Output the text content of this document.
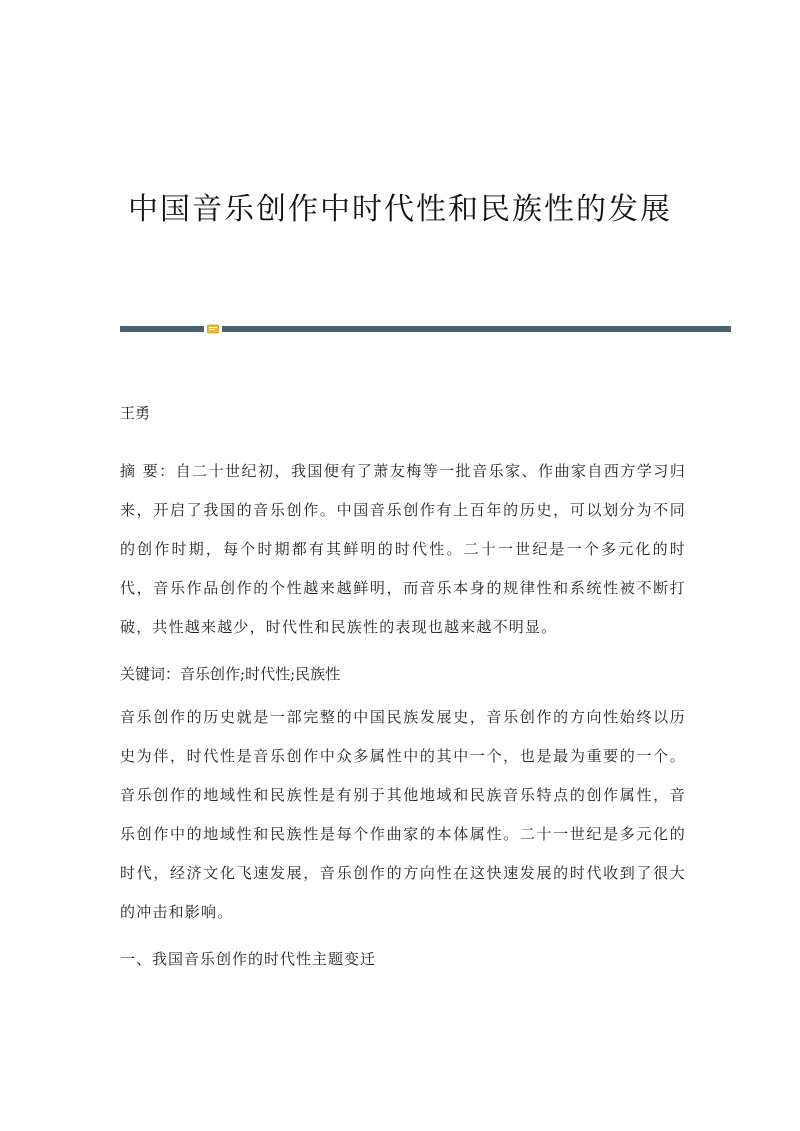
中国音乐创作中时代性和民族性的发展

王勇

摘 要：自二十世纪初，我国便有了萧友梅等一批音乐家、作曲家自西方学习归来，开启了我国的音乐创作。中国音乐创作有上百年的历史，可以划分为不同的创作时期，每个时期都有其鲜明的时代性。二十一世纪是一个多元化的时代，音乐作品创作的个性越来越鲜明，而音乐本身的规律性和系统性被不断打破，共性越来越少，时代性和民族性的表现也越来越不明显。

关键词：音乐创作;时代性;民族性

音乐创作的历史就是一部完整的中国民族发展史，音乐创作的方向性始终以历史为伴，时代性是音乐创作中众多属性中的其中一个，也是最为重要的一个。音乐创作的地域性和民族性是有别于其他地域和民族音乐特点的创作属性，音乐创作中的地域性和民族性是每个作曲家的本体属性。二十一世纪是多元化的时代，经济文化飞速发展，音乐创作的方向性在这快速发展的时代收到了很大的冲击和影响。

一、我国音乐创作的时代性主题变迁
